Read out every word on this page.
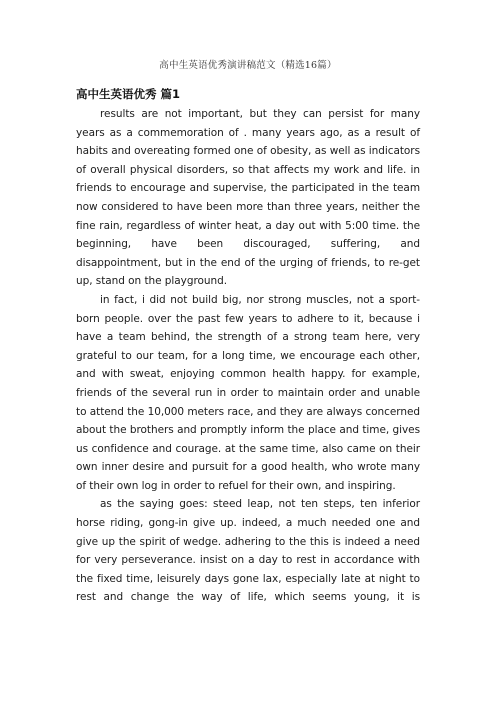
高中生英语优秀演讲稿范文（精选16篇）
高中生英语优秀 篇1

results are not important, but they can persist for many years as a commemoration of . many years ago, as a result of habits and overeating formed one of obesity, as well as indicators of overall physical disorders, so that affects my work and life. in friends to encourage and supervise, the participated in the team now considered to have been more than three years, neither the fine rain, regardless of winter heat, a day out with 5:00 time. the beginning, have been discouraged, suffering, and disappointment, but in the end of the urging of friends, to re-get up, stand on the playground.

in fact, i did not build big, nor strong muscles, not a sport-born people. over the past few years to adhere to it, because i have a team behind, the strength of a strong team here, very grateful to our team, for a long time, we encourage each other, and with sweat, enjoying common health happy. for example, friends of the several run in order to maintain order and unable to attend the 10,000 meters race, and they are always concerned about the brothers and promptly inform the place and time, gives us confidence and courage. at the same time, also came on their own inner desire and pursuit for a good health, who wrote many of their own log in order to refuel for their own, and inspiring.

as the saying goes: steed leap, not ten steps, ten inferior horse riding, gong-in give up. indeed, a much needed one and give up the spirit of wedge. adhering to the this is indeed a need for very perseverance. insist on a day to rest in accordance with the fixed time, leisurely days gone lax, especially late at night to rest and change the way of life, which seems young, it is
